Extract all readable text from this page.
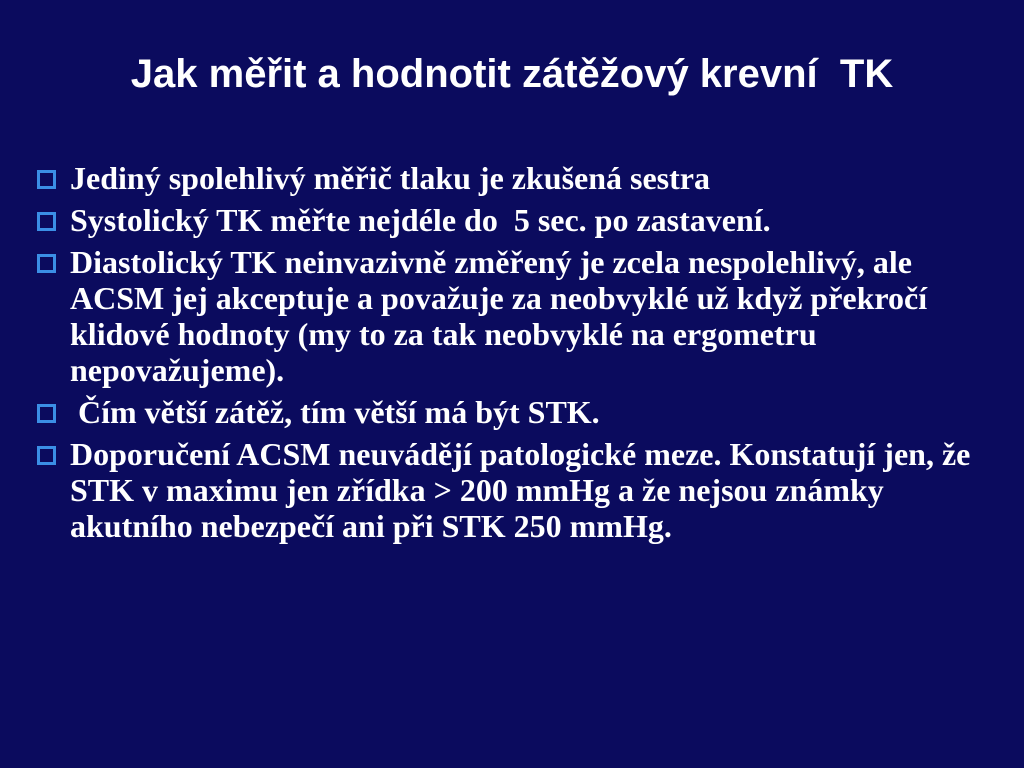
Jak měřit a hodnotit zátěžový krevní  TK
Jediný spolehlivý měřič tlaku je zkušená sestra
Systolický TK měřte nejdéle do  5 sec. po zastavení.
Diastolický TK neinvazivně změřený je zcela nespolehlivý, ale ACSM jej akceptuje a považuje za neobvyklé už když překročí klidové hodnoty (my to za tak neobvyklé na ergometru nepovažujeme).
Čím větší zátěž, tím větší má být STK.
Doporučení ACSM neuvádějí patologické meze. Konstatují jen, že STK v maximu jen zřídka > 200 mmHg a že nejsou známky akutního nebezpečí ani při STK 250 mmHg.
